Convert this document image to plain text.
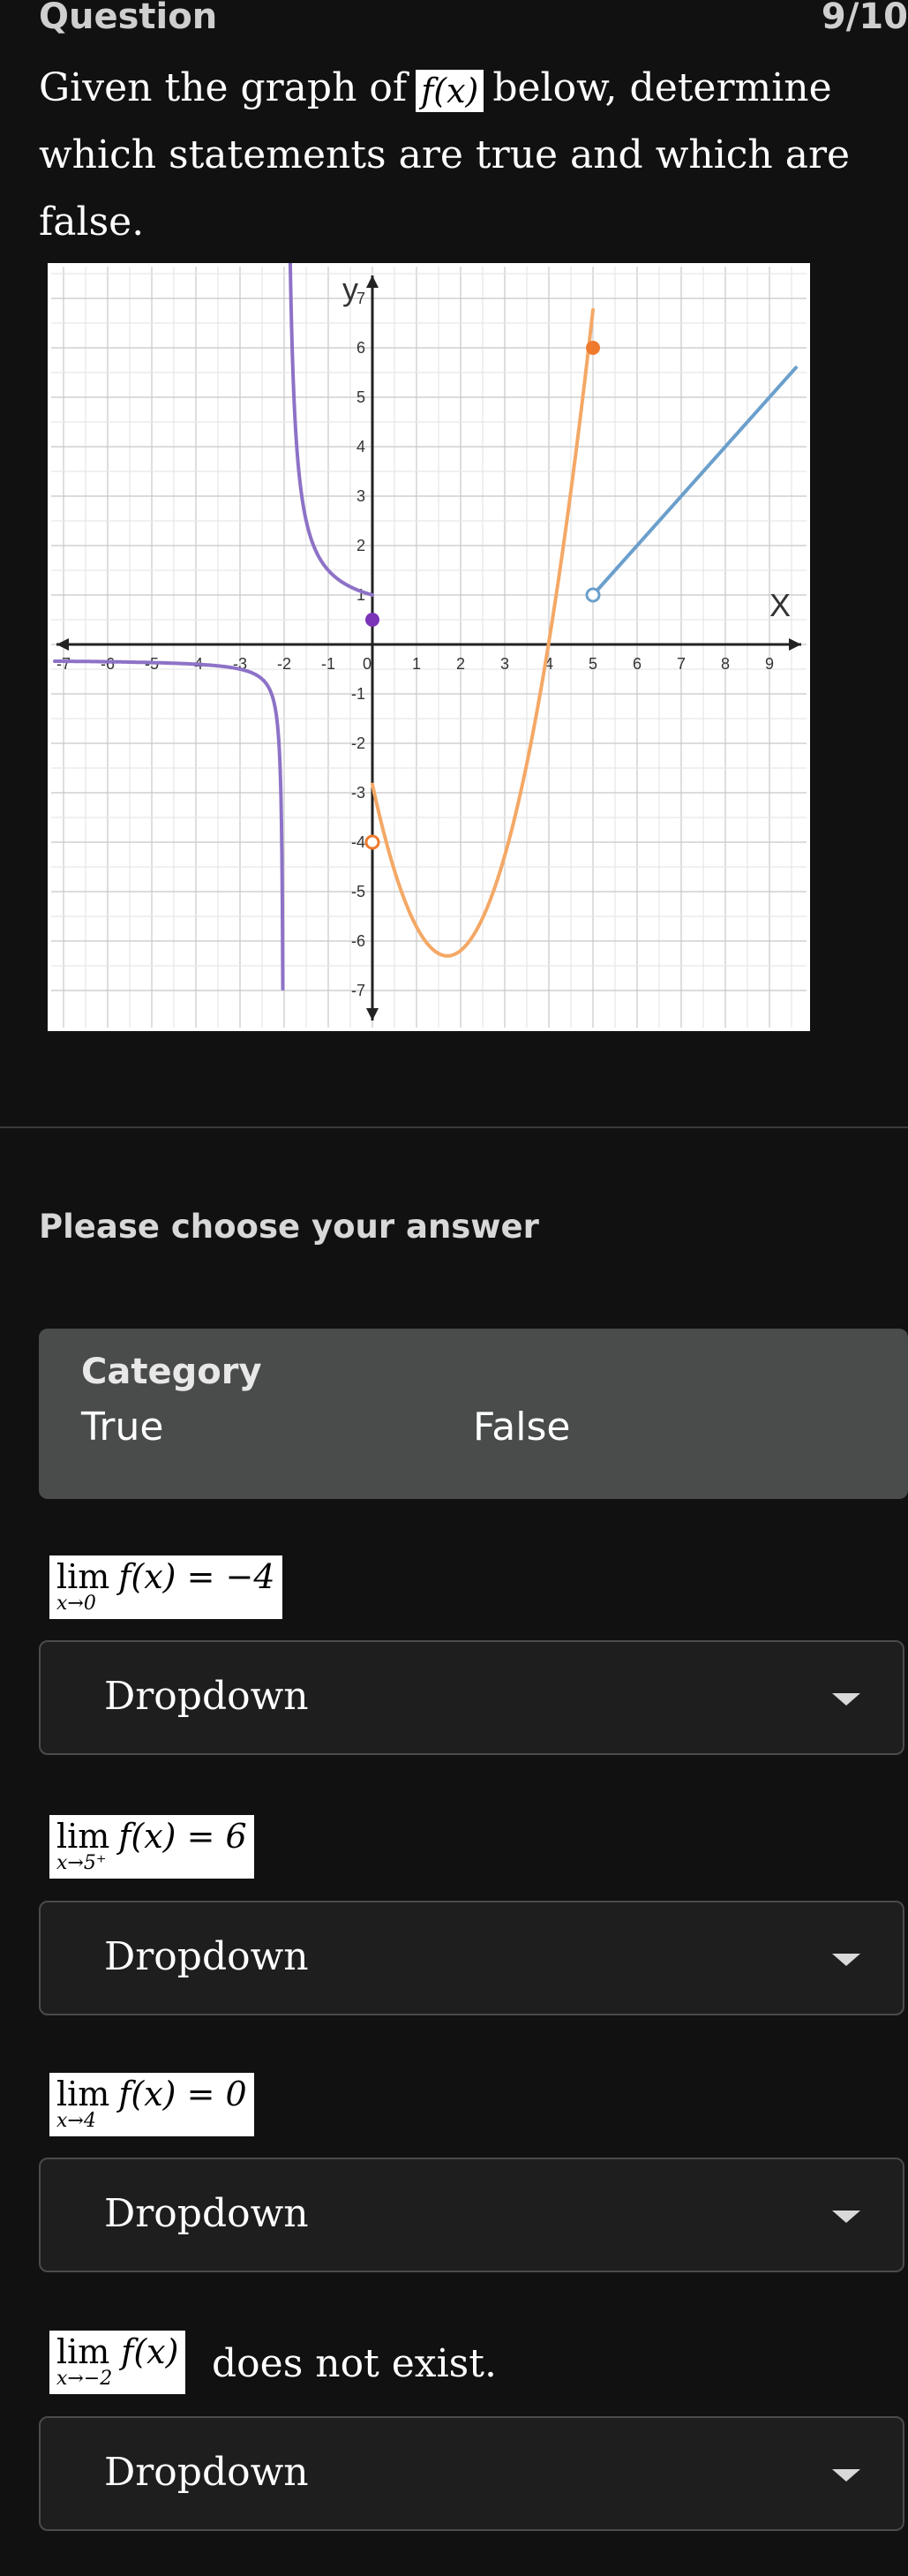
Question	9/10
Given the graph of f(x) below, determine which statements are true and which are false.
-7 -6 -5 -4 -3 -2 -1 0	1 2 3 4 5 6 7 8 9
7
6
5
4
3
2
1
-1
-2
-3
-4
-5
-6
-7
y
X
Please choose your answer
Category
True	False
lim
x→0
f(x) = −4
Dropdown
lim
x→5⁺
f(x) = 6
Dropdown
lim
x→4
f(x) = 0
Dropdown
lim
x→−2
f(x) does not exist.
Dropdown
